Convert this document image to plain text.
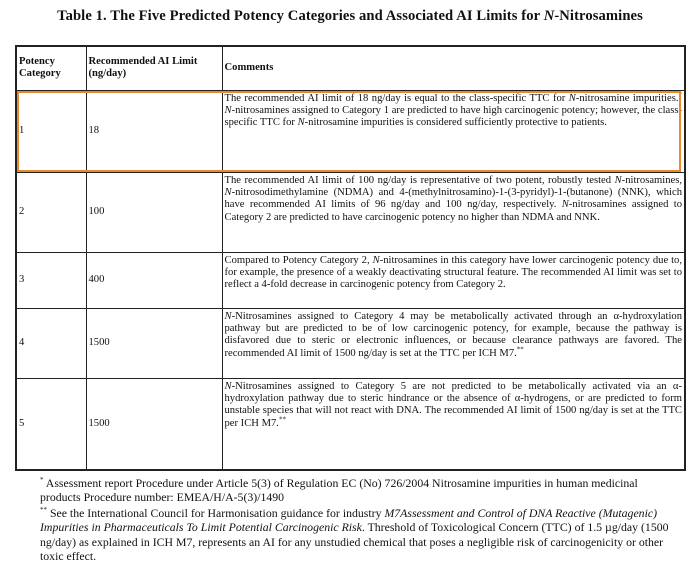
Table 1. The Five Predicted Potency Categories and Associated AI Limits for N-Nitrosamines
Potency Category	Recommended AI Limit (ng/day)	Comments
1	18	The recommended AI limit of 18 ng/day is equal to the class-specific TTC for N-nitrosamine impurities.* N-nitrosamines assigned to Category 1 are predicted to have high carcinogenic potency; however, the class-specific TTC for N-nitrosamine impurities is considered sufficiently protective to patients.
2	100	The recommended AI limit of 100 ng/day is representative of two potent, robustly tested N-nitrosamines, N-nitrosodimethylamine (NDMA) and 4-(methylnitrosamino)-1-(3-pyridyl)-1-(butanone) (NNK), which have recommended AI limits of 96 ng/day and 100 ng/day, respectively. N-nitrosamines assigned to Category 2 are predicted to have carcinogenic potency no higher than NDMA and NNK.
3	400	Compared to Potency Category 2, N-nitrosamines in this category have lower carcinogenic potency due to, for example, the presence of a weakly deactivating structural feature. The recommended AI limit was set to reflect a 4-fold decrease in carcinogenic potency from Category 2.
4	1500	N-Nitrosamines assigned to Category 4 may be metabolically activated through an α-hydroxylation pathway but are predicted to be of low carcinogenic potency, for example, because the pathway is disfavored due to steric or electronic influences, or because clearance pathways are favored. The recommended AI limit of 1500 ng/day is set at the TTC per ICH M7.**
5	1500	N-Nitrosamines assigned to Category 5 are not predicted to be metabolically activated via an α-hydroxylation pathway due to steric hindrance or the absence of α-hydrogens, or are predicted to form unstable species that will not react with DNA. The recommended AI limit of 1500 ng/day is set at the TTC per ICH M7.**

* Assessment report Procedure under Article 5(3) of Regulation EC (No) 726/2004 Nitrosamine impurities in human medicinal products Procedure number: EMEA/H/A-5(3)/1490

** See the International Council for Harmonisation guidance for industry M7Assessment and Control of DNA Reactive (Mutagenic) Impurities in Pharmaceuticals To Limit Potential Carcinogenic Risk. Threshold of Toxicological Concern (TTC) of 1.5 µg/day (1500 ng/day) as explained in ICH M7, represents an AI for any unstudied chemical that poses a negligible risk of carcinogenicity or other toxic effect.
